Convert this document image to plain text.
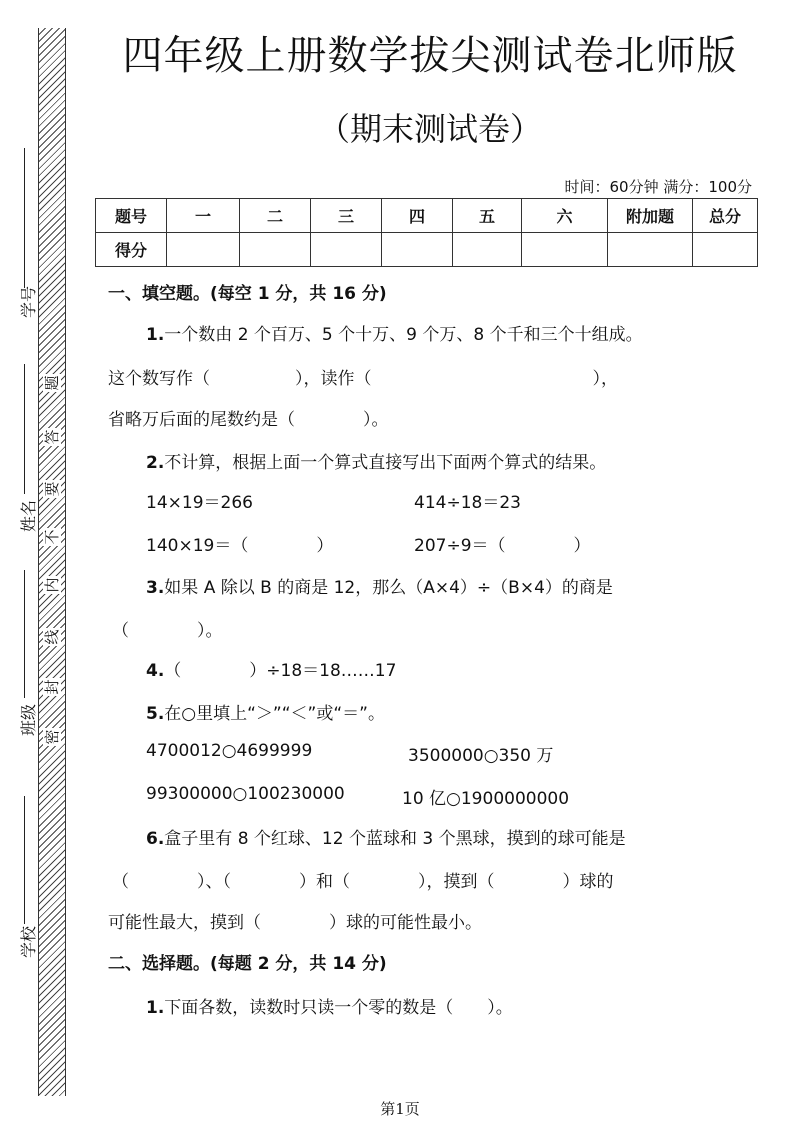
题
答
要
不
内
线
封
密
学号
姓名
班级
学校
四年级上册数学拔尖测试卷北师版
（期末测试卷）
时间：60分钟 满分：100分
题号	一	二	三	四	五	六	附加题	总分
得分								
一、填空题。(每空 1 分，共 16 分)
1.一个数由 2 个百万、5 个十万、9 个万、8 个千和三个十组成。
这个数写作（　　　　　），读作（　　　　　　　　　　　　　），
省略万后面的尾数约是（　　　　）。
2.不计算，根据上面一个算式直接写出下面两个算式的结果。
14×19＝266	414÷18＝23
140×19＝（　　　　）	207÷9＝（　　　　）
3.如果 A 除以 B 的商是 12，那么（A×4）÷（B×4）的商是
（　　　　）。
4.（　　　　）÷18＝18……17
5.在○里填上“＞”“＜”或“＝”。
4700012○4699999	3500000○350 万
99300000○100230000	10 亿○1900000000
6.盒子里有 8 个红球、12 个蓝球和 3 个黑球，摸到的球可能是
（　　　　）、（　　　　）和（　　　　），摸到（　　　　）球的
可能性最大，摸到（　　　　）球的可能性最小。
二、选择题。(每题 2 分，共 14 分)
1.下面各数，读数时只读一个零的数是（　　）。
第1页
